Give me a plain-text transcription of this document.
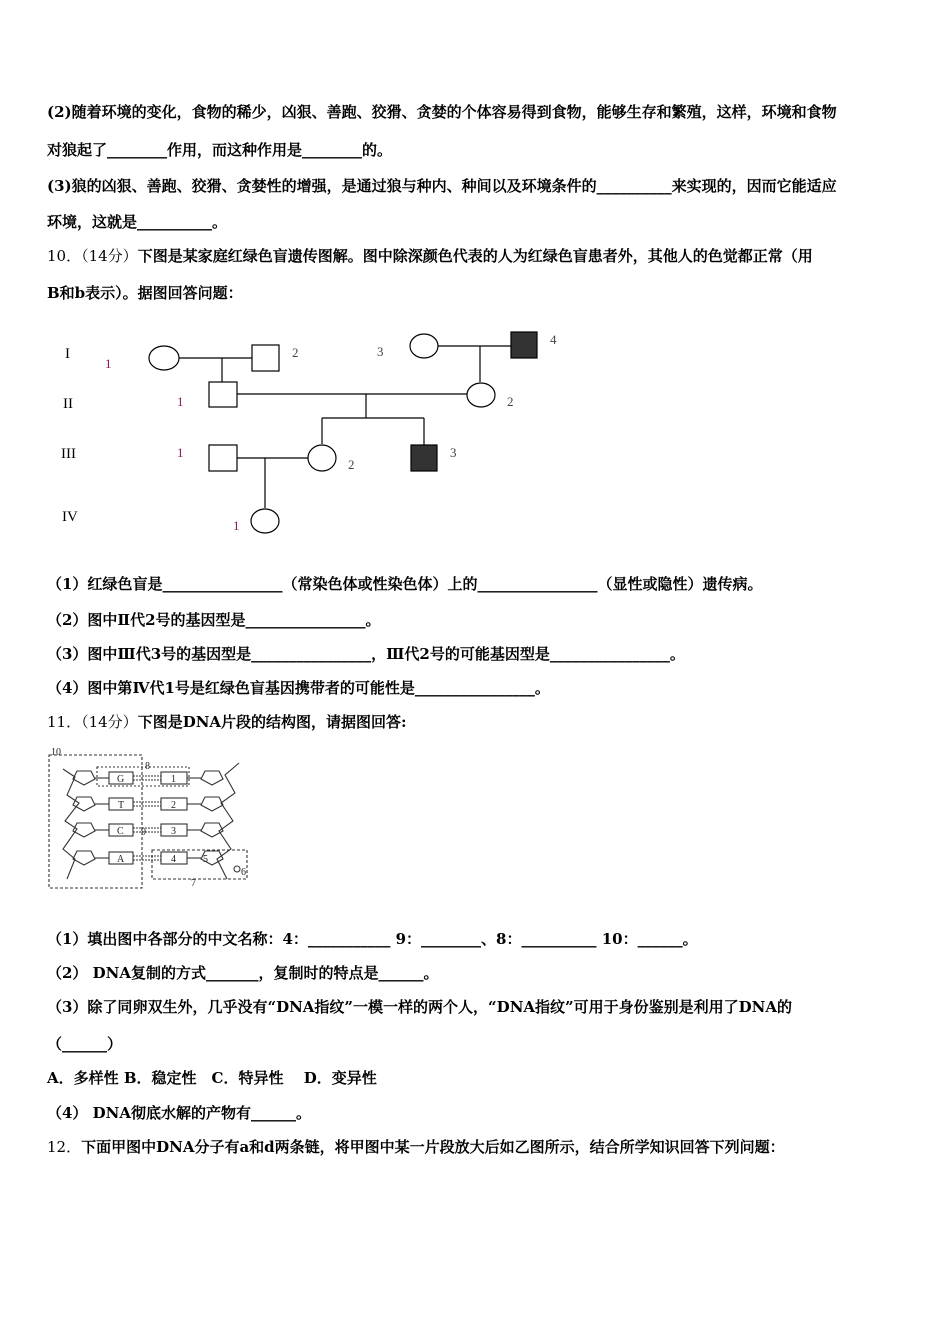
(2)随着环境的变化，食物的稀少，凶狠、善跑、狡猾、贪婪的个体容易得到食物，能够生存和繁殖，这样，环境和食物
对狼起了________作用，而这种作用是________的。
(3)狼的凶狠、善跑、狡猾、贪婪性的增强，是通过狼与种内、种间以及环境条件的__________来实现的，因而它能适应
环境，这就是__________。
10．（14分）下图是某家庭红绿色盲遗传图解。图中除深颜色代表的人为红绿色盲患者外，其他人的色觉都正常（用
B和b表示）。据图回答问题：
I
II
III
IV
1
2	3
4
1	2
1
2
3
1
（1）红绿色盲是________________（常染色体或性染色体）上的________________（显性或隐性）遗传病。
（2）图中Ⅱ代2号的基因型是________________。
（3）图中Ⅲ代3号的基因型是________________，Ⅲ代2号的可能基因型是________________。
（4）图中第Ⅳ代1号是红绿色盲基因携带者的可能性是________________。
11．（14分）下图是DNA片段的结构图，请据图回答:
10
8
9
7
6
5
G
T
C
A
1
2
3
4
（1）填出图中各部分的中文名称：4：___________ 9：________、8：__________ 10：______。
（2） DNA复制的方式_______，复制时的特点是______。
（3）除了同卵双生外，几乎没有“DNA指纹”一模一样的两个人，“DNA指纹”可用于身份鉴别是利用了DNA的
（______）
A．多样性 B．稳定性　C．特异性　 D．变异性
（4） DNA彻底水解的产物有______。
12．下面甲图中DNA分子有a和d两条链，将甲图中某一片段放大后如乙图所示，结合所学知识回答下列问题：
